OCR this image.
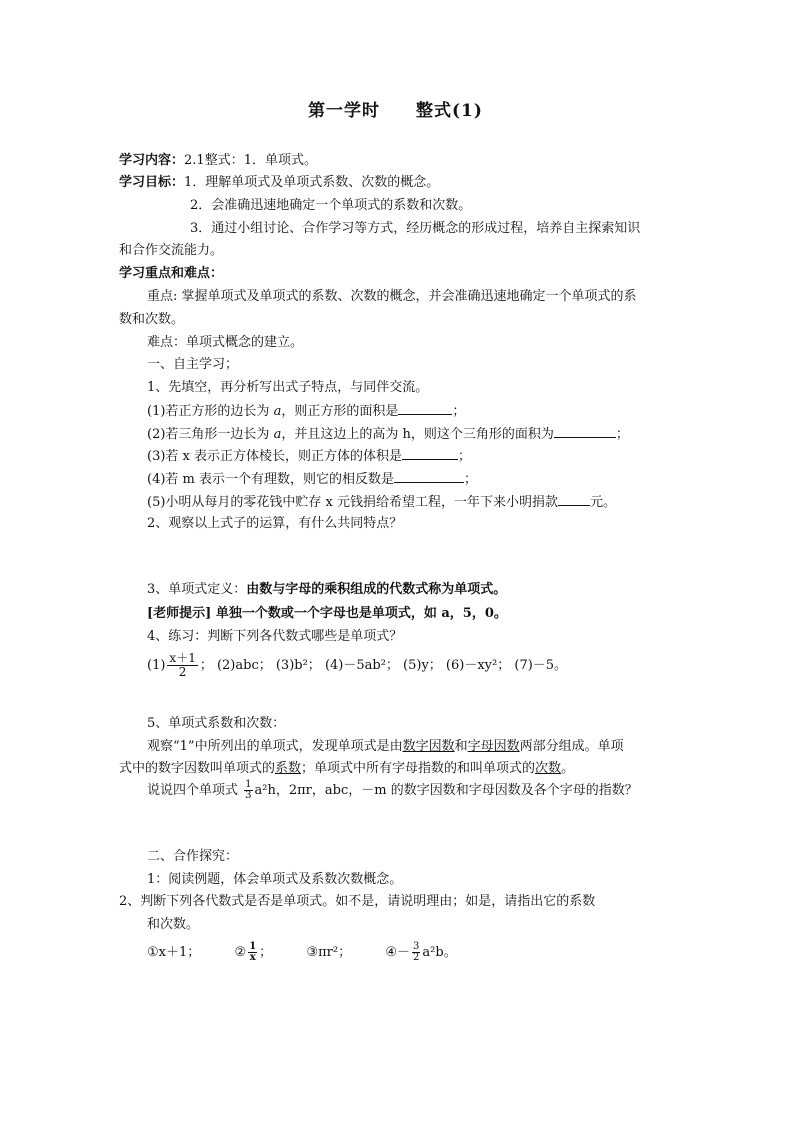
第一学时　　整式(1)
学习内容：2.1整式：1．单项式。
学习目标：1．理解单项式及单项式系数、次数的概念。
2．会准确迅速地确定一个单项式的系数和次数。
3．通过小组讨论、合作学习等方式，经历概念的形成过程，培养自主探索知识
和合作交流能力。
学习重点和难点：
重点: 掌握单项式及单项式的系数、次数的概念，并会准确迅速地确定一个单项式的系
数和次数。
难点：单项式概念的建立。
一、自主学习；
1、先填空，再分析写出式子特点，与同伴交流。
(1)若正方形的边长为 a，则正方形的面积是	；
(2)若三角形一边长为 a，并且这边上的高为 h，则这个三角形的面积为	；
(3)若 x 表示正方体棱长，则正方体的体积是	；
(4)若 m 表示一个有理数，则它的相反数是	；
(5)小明从每月的零花钱中贮存 x 元钱捐给希望工程，一年下来小明捐款 元。
2、观察以上式子的运算，有什么共同特点？
3、单项式定义：由数与字母的乘积组成的代数式称为单项式。
[老师提示] 单独一个数或一个字母也是单项式，如 a，5，0。
4、练习：判断下列各代数式哪些是单项式？
$(1) \frac{x+1}{2}$ ； (2)abc； (3)b²； (4)－5ab²； (5)y； (6)－xy²； (7)－5。
5、单项式系数和次数：
观察“1”中所列出的单项式，发现单项式是由数字因数和字母因数两部分组成。单项
式中的数字因数叫单项式的系数；单项式中所有字母指数的和叫单项式的次数。
说说四个单项式 $\frac{1}{3} a^2h$，2πr，abc，－m 的数字因数和字母因数及各个字母的指数？
二、合作探究：
1：阅读例题，体会单项式及系数次数概念。
2、判断下列各代数式是否是单项式。如不是，请说明理由；如是，请指出它的系数
和次数。
①x＋1；	② $\frac{1}{x}$ ；	③πr²；	④－ $\frac{3}{2} a^2b$。
